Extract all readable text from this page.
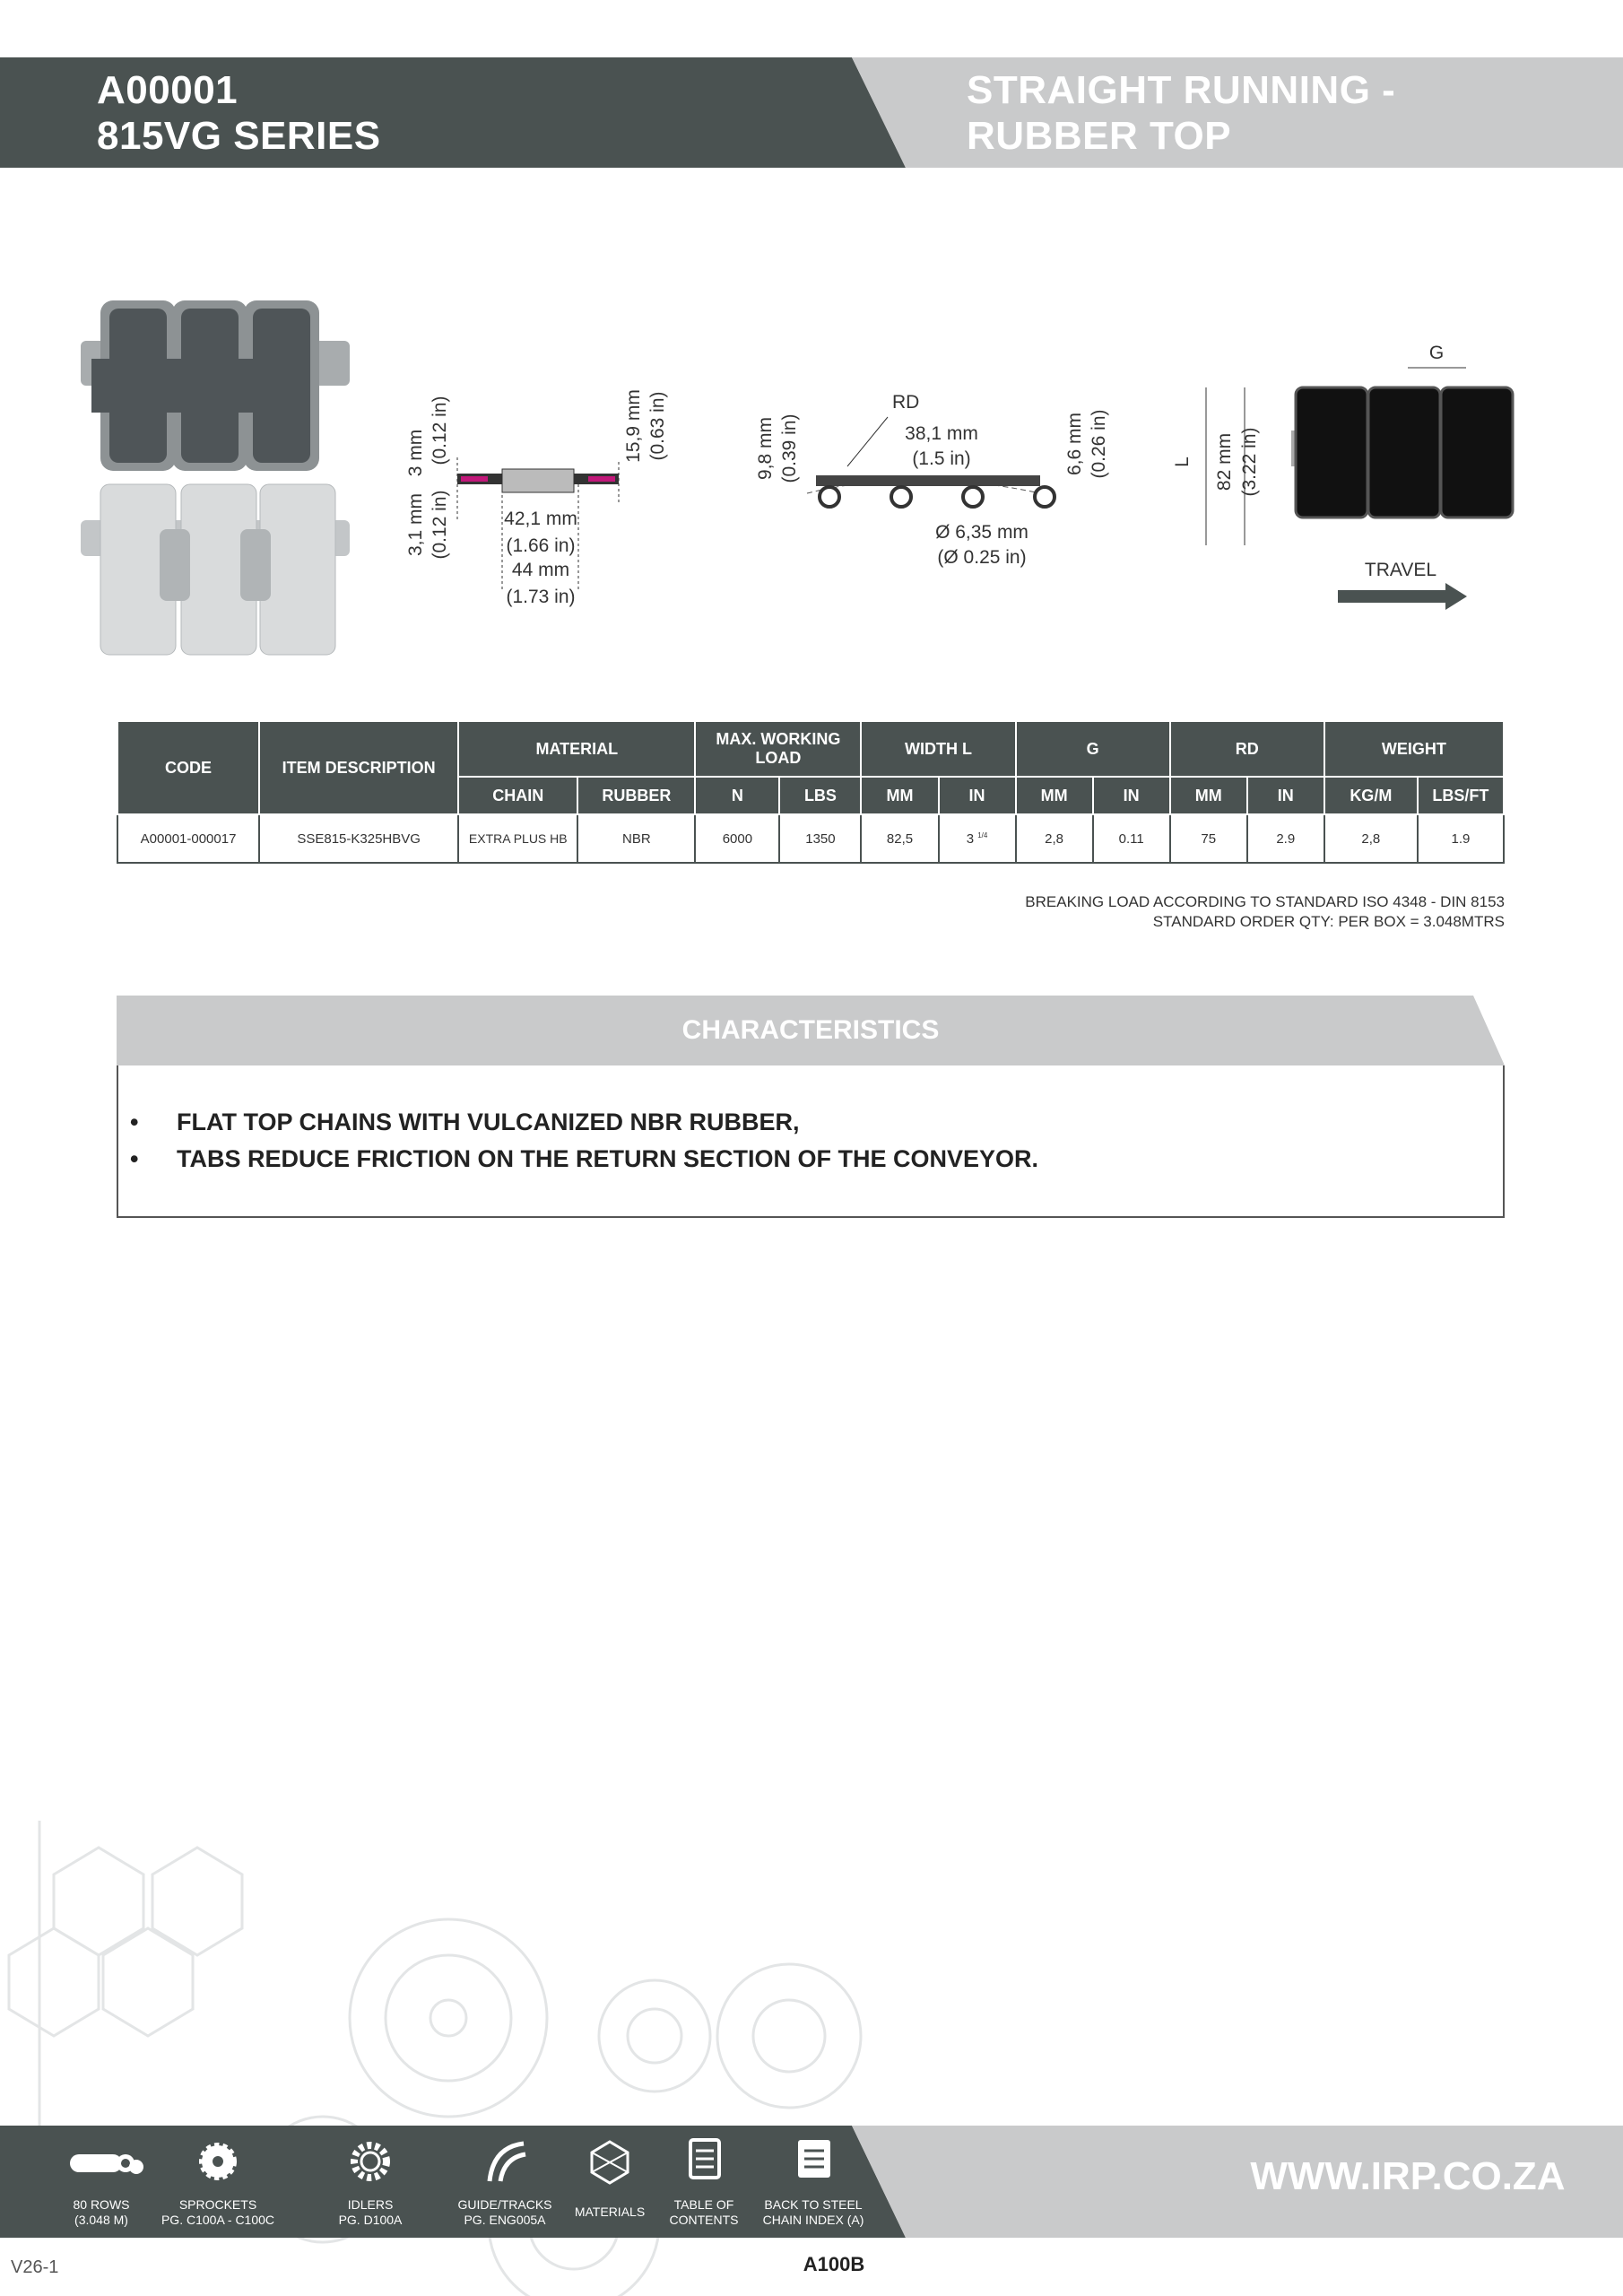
A00001
815VG SERIES
STRAIGHT RUNNING -
RUBBER TOP
3 mm (0.12 in)	15,9 mm (0.63 in)
3,1 mm (0.12 in)	42,1 mm
(1.66 in)
44 mm
(1.73 in)
RD
38,1 mm
(1.5 in)
9,8 mm (0.39 in)	6,6 mm (0.26 in)
Ø 6,35 mm
(Ø 0.25 in)
G
L 82 mm (3.22 in)
TRAVEL
CODE	ITEM DESCRIPTION	MATERIAL		MAX. WORKING LOAD		WIDTH L		G		RD		WEIGHT	
		CHAIN	RUBBER	N	LBS	MM	IN	MM	IN	MM	IN	KG/M	LBS/FT
A00001-000017	SSE815-K325HBVG	EXTRA PLUS HB	NBR	6000	1350	82,5	3 $^{1/4}$	2,8	0.11	75	2.9	2,8	1.9
BREAKING LOAD ACCORDING TO STANDARD ISO 4348 - DIN 8153
STANDARD ORDER QTY: PER BOX = 3.048MTRS
CHARACTERISTICS
• FLAT TOP CHAINS WITH VULCANIZED NBR RUBBER,
• TABS REDUCE FRICTION ON THE RETURN SECTION OF THE CONVEYOR.
80 ROWS
(3.048 M)
SPROCKETS
PG. C100A - C100C
IDLERS
PG. D100A
GUIDE/TRACKS
PG. ENG005A
MATERIALS	TABLE OF
CONTENTS
BACK TO STEEL
CHAIN INDEX (A)
WWW.IRP.CO.ZA
V26-1	A100B
